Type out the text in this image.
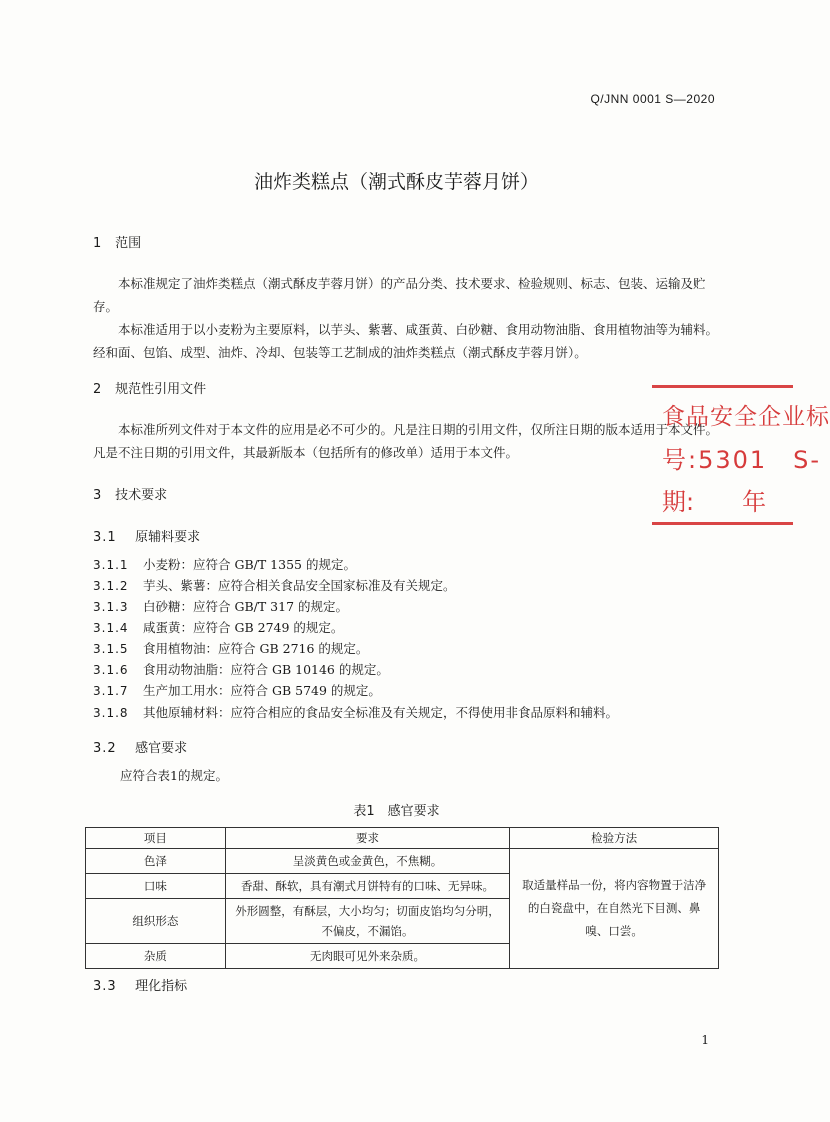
Q/JNN 0001 S—2020
油炸类糕点（潮式酥皮芋蓉月饼）
1 范围
本标准规定了油炸类糕点（潮式酥皮芋蓉月饼）的产品分类、技术要求、检验规则、标志、包装、运输及贮存。
本标准适用于以小麦粉为主要原料，以芋头、紫薯、咸蛋黄、白砂糖、食用动物油脂、食用植物油等为辅料。经和面、包馅、成型、油炸、冷却、包装等工艺制成的油炸类糕点（潮式酥皮芋蓉月饼）。
2 规范性引用文件
本标准所列文件对于本文件的应用是必不可少的。凡是注日期的引用文件，仅所注日期的版本适用于本文件。凡是不注日期的引用文件，其最新版本（包括所有的修改单）适用于本文件。
3 技术要求
3.1 原辅料要求
3.1.1 小麦粉：应符合 GB/T 1355 的规定。
3.1.2 芋头、紫薯：应符合相关食品安全国家标准及有关规定。
3.1.3 白砂糖：应符合 GB/T 317 的规定。
3.1.4 咸蛋黄：应符合 GB 2749 的规定。
3.1.5 食用植物油：应符合 GB 2716 的规定。
3.1.6 食用动物油脂：应符合 GB 10146 的规定。
3.1.7 生产加工用水：应符合 GB 5749 的规定。
3.1.8 其他原辅材料：应符合相应的食品安全标准及有关规定，不得使用非食品原料和辅料。
3.2 感官要求
应符合表1的规定。
表1　感官要求
项目	要求	检验方法
色泽	呈淡黄色或金黄色，不焦糊。	取适量样品一份，将内容物置于洁净的白瓷盘中，在自然光下目测、鼻嗅、口尝。
口味	香甜、酥软，具有潮式月饼特有的口味、无异味。	
组织形态	外形圆整，有酥层，大小均匀；切面皮馅均匀分明，不偏皮，不漏馅。	
杂质	无肉眼可见外来杂质。	
3.3 理化指标
食品安全企业标
号:5301　S-
期:　　年
1
